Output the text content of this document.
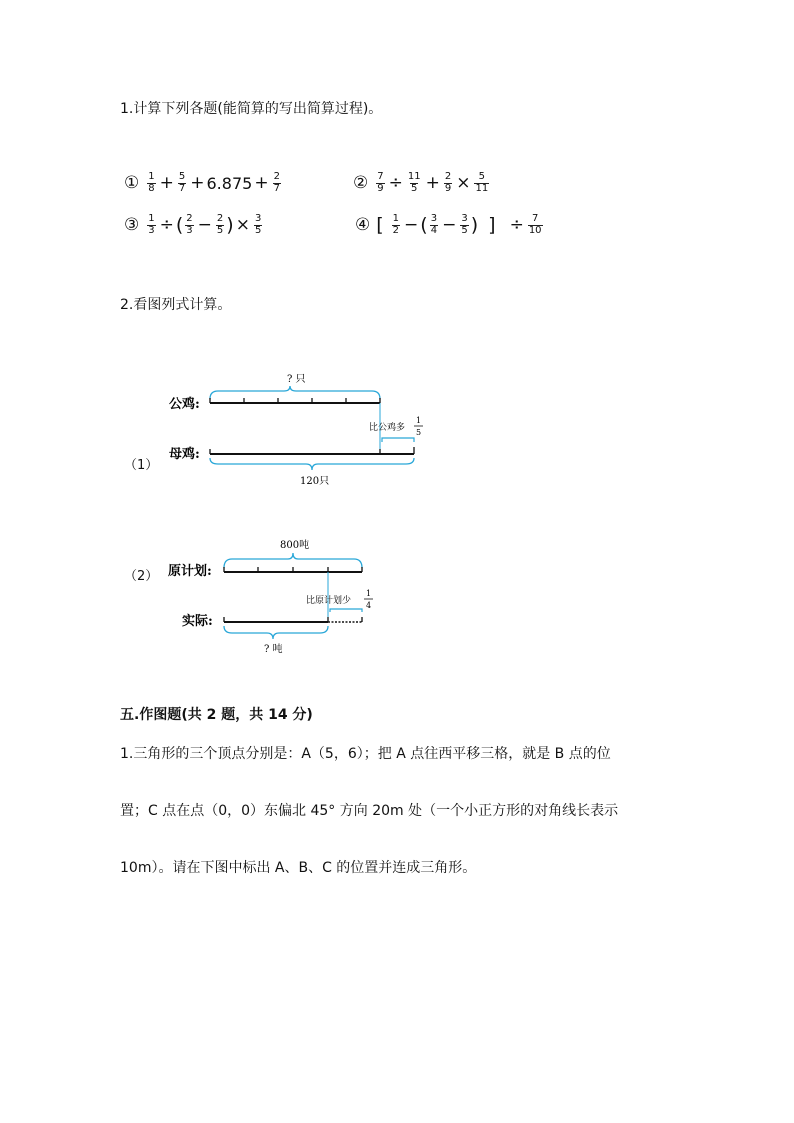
1.计算下列各题(能简算的写出简算过程)。
① $\frac{1}{8} + \frac{5}{7} + 6.875 + \frac{2}{7}$	② $\frac{7}{9} \div \frac{11}{5} + \frac{2}{9} \times \frac{5}{11}$
③ $\frac{1}{3}$ ÷ ( $\frac{2}{3} - \frac{2}{5}$ ) × $\frac{3}{5}$	④ [ $\frac{1}{2}$ − ( $\frac{3}{4} - \frac{3}{5}$ ) ] ÷ $\frac{7}{10}$
2.看图列式计算。
（1）
? 只
公鸡:
比公鸡多
1
5
母鸡:
120只
（2）
800吨
原计划:
比原计划少
1
4
实际:
? 吨
五.作图题(共 2 题，共 14 分)
1.三角形的三个顶点分别是：A（5，6）；把 A 点往西平移三格，就是 B 点的位
置；C 点在点（0，0）东偏北 45° 方向 20m 处（一个小正方形的对角线长表示
10m）。请在下图中标出 A、B、C 的位置并连成三角形。
